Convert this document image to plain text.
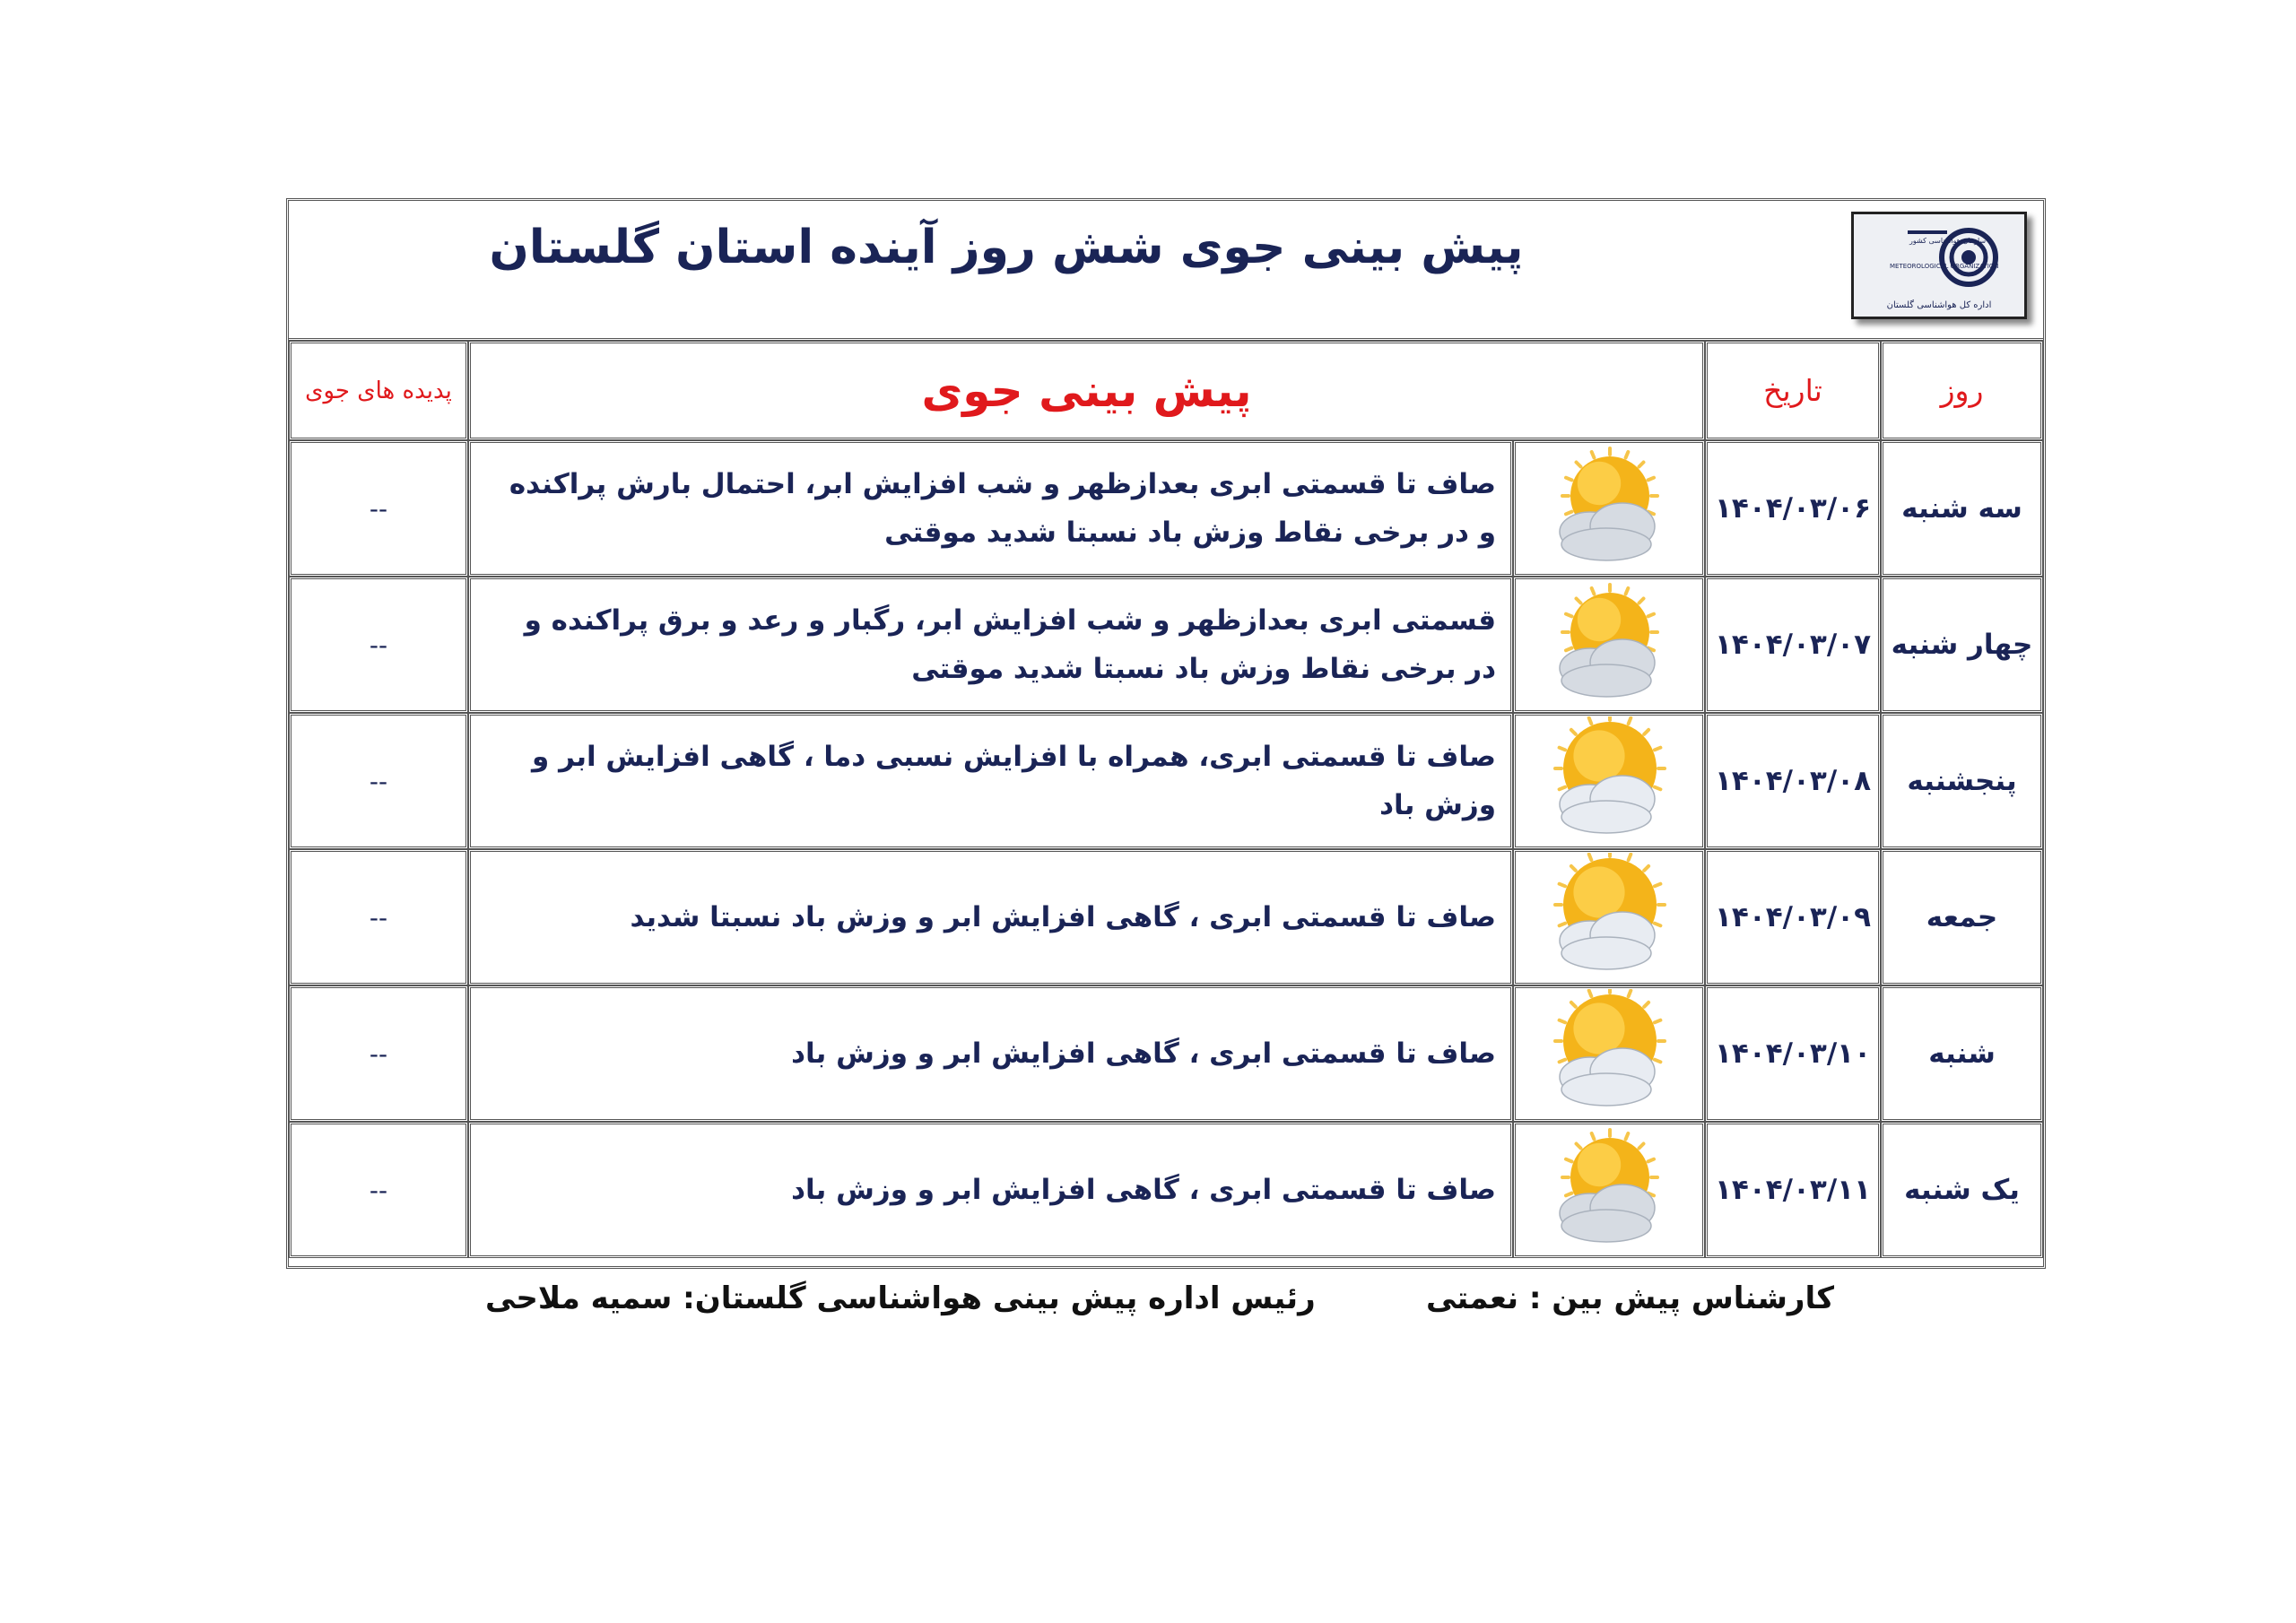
پیش بینی جوی شش روز آینده استان گلستان	سازمان هواشناسی کشور
METEOROLOGICAL ORGANIZATION
اداره کل هواشناسی گلستان
روز	تاریخ	پیش بینی جوی		پدیده های جوی
سه شنبه	۱۴۰۴/۰۳/۰۶		صاف تا قسمتی ابری بعدازظهر و شب افزایش ابر، احتمال بارش پراکنده و در برخی نقاط وزش باد نسبتا شدید موقتی	--
چهار شنبه	۱۴۰۴/۰۳/۰۷		قسمتی ابری بعدازظهر و شب افزایش ابر، رگبار و رعد و برق پراکنده و در برخی نقاط وزش باد نسبتا شدید موقتی	--
پنجشنبه	۱۴۰۴/۰۳/۰۸		صاف تا قسمتی ابری، همراه با افزایش نسبی دما ، گاهی افزایش ابر و وزش باد	--
جمعه	۱۴۰۴/۰۳/۰۹		صاف تا قسمتی ابری ، گاهی افزایش ابر و وزش باد نسبتا شدید	--
شنبه	۱۴۰۴/۰۳/۱۰		صاف تا قسمتی ابری ، گاهی افزایش ابر و وزش باد	--
یک شنبه	۱۴۰۴/۰۳/۱۱		صاف تا قسمتی ابری ، گاهی افزایش ابر و وزش باد	--
کارشناس پیش بین : نعمتی
رئیس اداره پیش بینی هواشناسی گلستان: سمیه ملاحی
